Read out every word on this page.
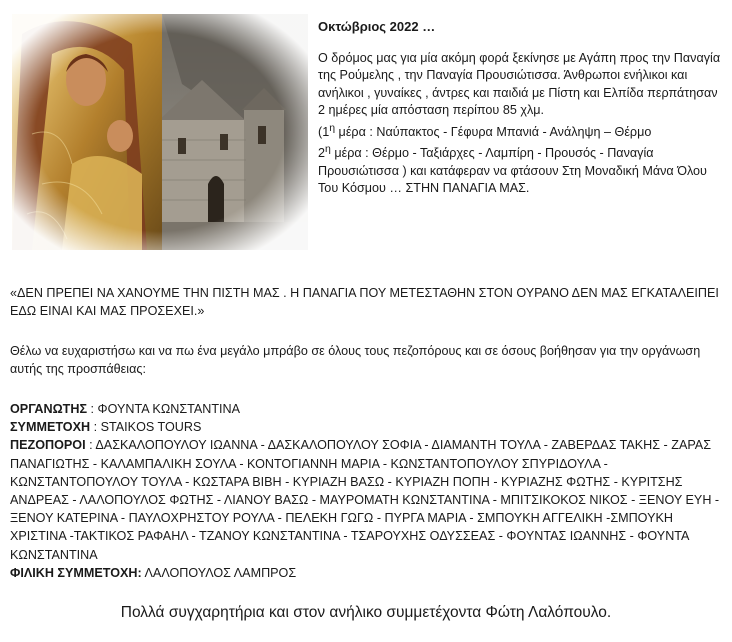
Οκτώβριος 2022 …

Ο δρόμος μας για μία ακόμη φορά ξεκίνησε με Αγάπη προς την Παναγία της Ρούμελης , την Παναγία Προυσιώτισσα. Άνθρωποι ενήλικοι και ανήλικοι , γυναίκες , άντρες και παιδιά με Πίστη και Ελπίδα περπάτησαν 2 ημέρες μία απόσταση περίπου 85 χλμ.
($1^\eta$ μέρα : Ναύπακτος - Γέφυρα Μπανιά - Ανάληψη – Θέρμο
$2^\eta$ μέρα : Θέρμο - Ταξιάρχες - Λαμπίρη - Προυσός - Παναγία Προυσιώτισσα ) και κατάφεραν να φτάσουν Στη Μοναδική Μάνα Όλου Του Κόσμου … ΣΤΗΝ ΠΑΝΑΓΙΑ ΜΑΣ.

«ΔΕΝ ΠΡΕΠΕΙ ΝΑ ΧΑΝΟΥΜΕ ΤΗΝ ΠΙΣΤΗ ΜΑΣ . Η ΠΑΝΑΓΙΑ ΠΟΥ ΜΕΤΕΣΤΑΘΗΝ ΣΤΟΝ ΟΥΡΑΝΟ ΔΕΝ ΜΑΣ ΕΓΚΑΤΑΛΕΙΠΕΙ ΕΔΩ ΕΙΝΑΙ ΚΑΙ ΜΑΣ ΠΡΟΣΕΧΕΙ.»

Θέλω να ευχαριστήσω και να πω ένα μεγάλο μπράβο σε όλους τους πεζοπόρους και σε όσους βοήθησαν για την οργάνωση αυτής της προσπάθειας:

ΟΡΓΑΝΩΤΗΣ : ΦΟΥΝΤΑ ΚΩΝΣΤΑΝΤΙΝΑ
ΣΥΜΜΕΤΟΧΗ : STAIKOS TOURS
ΠΕΖΟΠΟΡΟΙ : ΔΑΣΚΑΛΟΠΟΥΛΟΥ ΙΩΑΝΝΑ - ΔΑΣΚΑΛΟΠΟΥΛΟΥ ΣΟΦΙΑ - ΔΙΑΜΑΝΤΗ ΤΟΥΛΑ - ΖΑΒΕΡΔΑΣ ΤΑΚΗΣ - ΖΑΡΑΣ ΠΑΝΑΓΙΩΤΗΣ - ΚΑΛΑΜΠΑΛΙΚΗ ΣΟΥΛΑ - ΚΟΝΤΟΓΙΑΝΝΗ ΜΑΡΙΑ - ΚΩΝΣΤΑΝΤΟΠΟΥΛΟΥ ΣΠΥΡΙΔΟΥΛΑ - ΚΩΝΣΤΑΝΤΟΠΟΥΛΟΥ ΤΟΥΛΑ - ΚΩΣΤΑΡΑ ΒΙΒΗ - ΚΥΡΙΑΖΗ ΒΑΣΩ - ΚΥΡΙΑΖΗ ΠΟΠΗ - ΚΥΡΙΑΖΗΣ ΦΩΤΗΣ - ΚΥΡΙΤΣΗΣ ΑΝΔΡΕΑΣ - ΛΑΛΟΠΟΥΛΟΣ ΦΩΤΗΣ - ΛΙΑΝΟΥ ΒΑΣΩ - ΜΑΥΡΟΜΑΤΗ ΚΩΝΣΤΑΝΤΙΝΑ - ΜΠΙΤΣΙΚΟΚΟΣ ΝΙΚΟΣ - ΞΕΝΟΥ ΕΥΗ - ΞΕΝΟΥ ΚΑΤΕΡΙΝΑ - ΠΑΥΛΟΧΡΗΣΤΟΥ ΡΟΥΛΑ - ΠΕΛΕΚΗ ΓΩΓΩ - ΠΥΡΓΑ ΜΑΡΙΑ - ΣΜΠΟΥΚΗ ΑΓΓΕΛΙΚΗ -ΣΜΠΟΥΚΗ ΧΡΙΣΤΙΝΑ -ΤΑΚΤΙΚΟΣ ΡΑΦΑΗΛ - ΤΖΑΝΟΥ ΚΩΝΣΤΑΝΤΙΝΑ - ΤΣΑΡΟΥΧΗΣ ΟΔΥΣΣΕΑΣ - ΦΟΥΝΤΑΣ ΙΩΑΝΝΗΣ - ΦΟΥΝΤΑ ΚΩΝΣΤΑΝΤΙΝΑ
ΦΙΛΙΚΗ ΣΥΜΜΕΤΟΧΗ: ΛΑΛΟΠΟΥΛΟΣ ΛΑΜΠΡΟΣ
Πολλά συγχαρητήρια και στον ανήλικο συμμετέχοντα Φώτη Λαλόπουλο.
